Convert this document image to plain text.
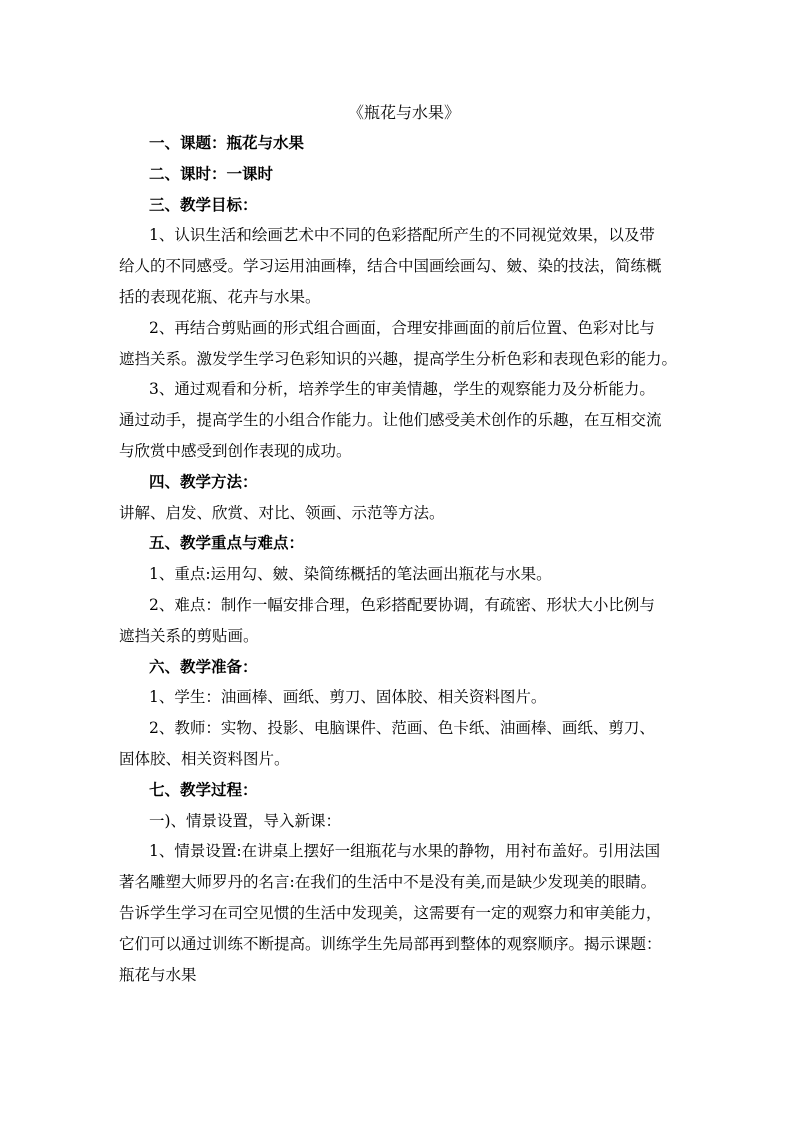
《瓶花与水果》
一、课题：瓶花与水果
二、课时：一课时
三、教学目标：
1、认识生活和绘画艺术中不同的色彩搭配所产生的不同视觉效果，以及带
给人的不同感受。学习运用油画棒，结合中国画绘画勾、皴、染的技法，简练概
括的表现花瓶、花卉与水果。
2、再结合剪贴画的形式组合画面，合理安排画面的前后位置、色彩对比与
遮挡关系。激发学生学习色彩知识的兴趣，提高学生分析色彩和表现色彩的能力。
3、通过观看和分析，培养学生的审美情趣，学生的观察能力及分析能力。
通过动手，提高学生的小组合作能力。让他们感受美术创作的乐趣，在互相交流
与欣赏中感受到创作表现的成功。
四、教学方法：
讲解、启发、欣赏、对比、领画、示范等方法。
五、教学重点与难点：
1、重点:运用勾、皴、染简练概括的笔法画出瓶花与水果。
2、难点：制作一幅安排合理，色彩搭配要协调，有疏密、形状大小比例与
遮挡关系的剪贴画。
六、教学准备：
1、学生：油画棒、画纸、剪刀、固体胶、相关资料图片。
2、教师：实物、投影、电脑课件、范画、色卡纸、油画棒、画纸、剪刀、
固体胶、相关资料图片。
七、教学过程：
一)、情景设置，导入新课：
1、情景设置:在讲桌上摆好一组瓶花与水果的静物，用衬布盖好。引用法国
著名雕塑大师罗丹的名言:在我们的生活中不是没有美,而是缺少发现美的眼睛。
告诉学生学习在司空见惯的生活中发现美，这需要有一定的观察力和审美能力，
它们可以通过训练不断提高。训练学生先局部再到整体的观察顺序。揭示课题：
瓶花与水果
